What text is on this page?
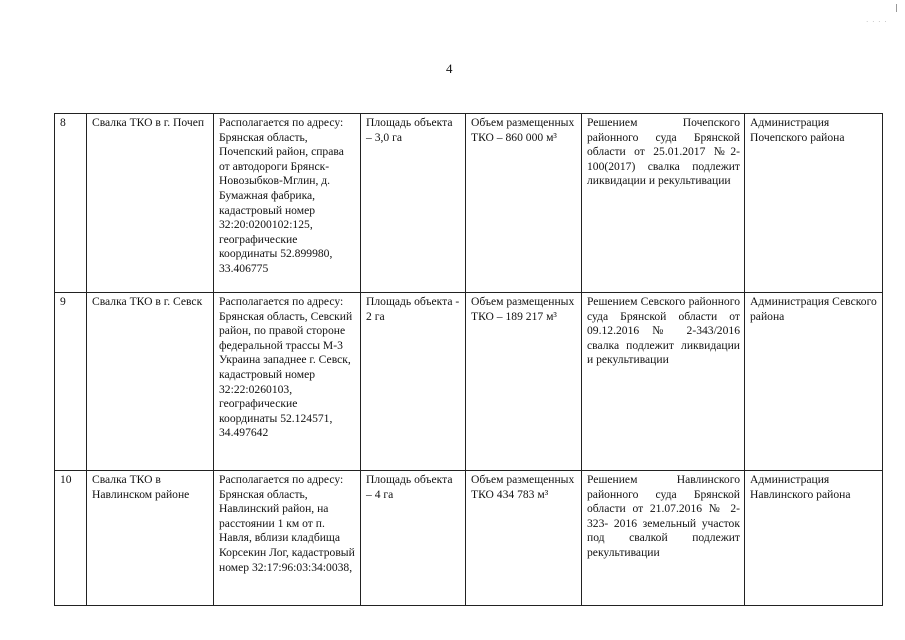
· · · ·
4
8	Свалка ТКО в г. Почеп	Располагается по адресу: Брянская область, Почепский район, справа от автодороги Брянск-Новозыбков-Мглин, д. Бумажная фабрика, кадастровый номер 32:20:0200102:125, географические координаты 52.899980, 33.406775	Площадь объекта – 3,0 га	Объем размещенных ТКО – 860 000 м³	Решением Почепского районного суда Брянской области от 25.01.2017 №2-100(2017) свалка подлежит ликвидации и рекультивации	Администрация Почепского района
9	Свалка ТКО в г. Севск	Располагается по адресу: Брянская область, Севский район, по правой стороне федеральной трассы М-3 Украина западнее г. Севск, кадастровый номер 32:22:0260103, географические координаты 52.124571, 34.497642	Площадь объекта - 2 га	Объем размещенных ТКО – 189 217 м³	Решением Севского районного суда Брянской области от 09.12.2016 № 2-343/2016 свалка подлежит ликвидации и рекультивации	Администрация Севского района
10	Свалка ТКО в Навлинском районе	Располагается по адресу: Брянская область, Навлинский район, на расстоянии 1 км от п. Навля, вблизи кладбища Корсекин Лог, кадастровый номер 32:17:96:03:34:0038,	Площадь объекта – 4 га	Объем размещенных ТКО 434 783 м³	Решением Навлинского районного суда Брянской области от 21.07.2016 № 2-323- 2016 земельный участок под свалкой подлежит рекультивации	Администрация Навлинского района
